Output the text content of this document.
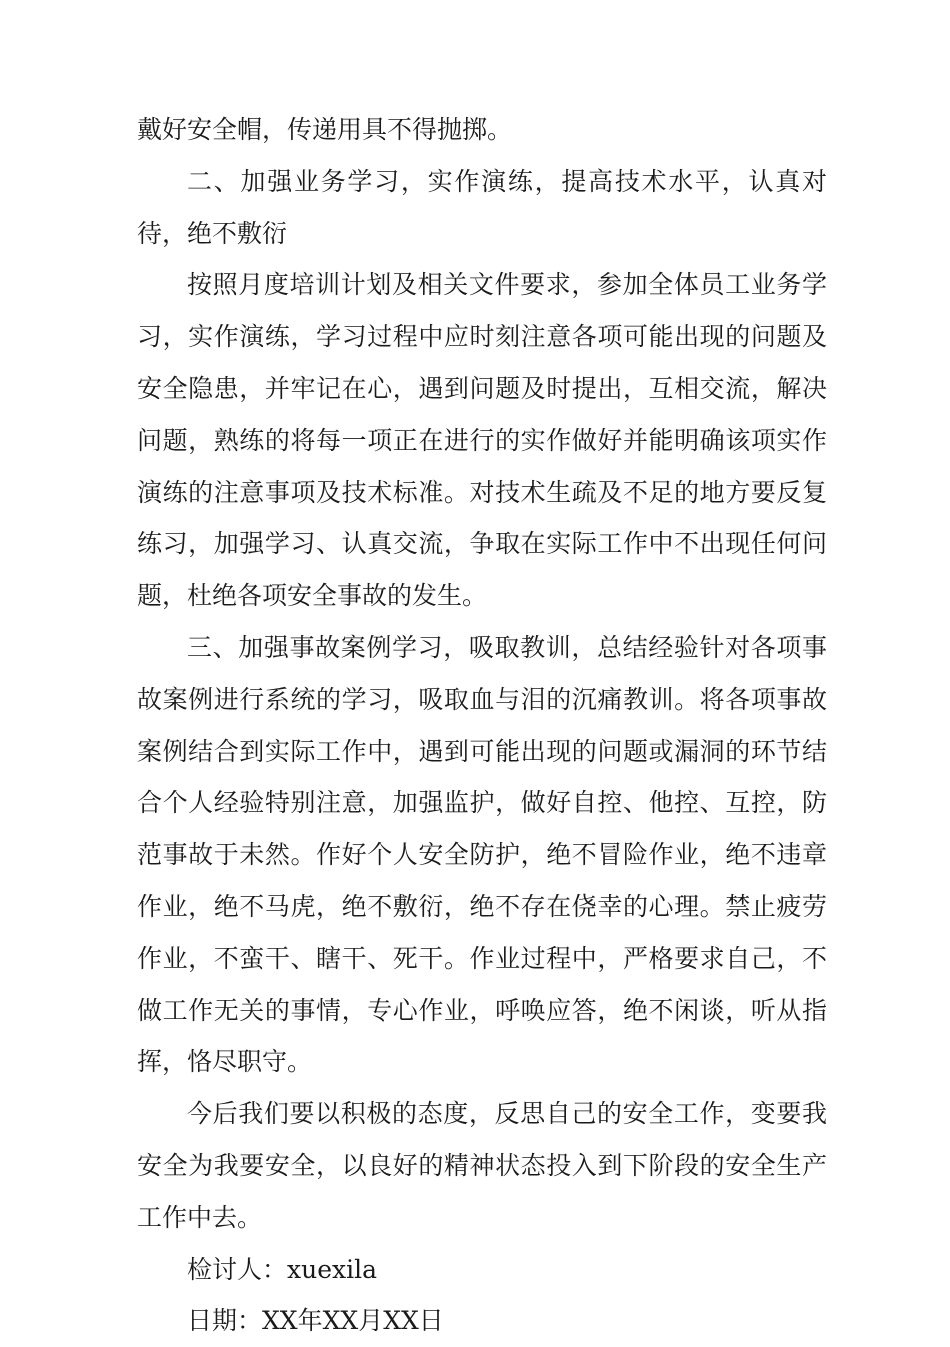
戴好安全帽，传递用具不得抛掷。

二、加强业务学习，实作演练，提高技术水平，认真对待，绝不敷衍

按照月度培训计划及相关文件要求，参加全体员工业务学习，实作演练，学习过程中应时刻注意各项可能出现的问题及安全隐患，并牢记在心，遇到问题及时提出，互相交流，解决问题，熟练的将每一项正在进行的实作做好并能明确该项实作演练的注意事项及技术标准。对技术生疏及不足的地方要反复练习，加强学习、认真交流，争取在实际工作中不出现任何问题，杜绝各项安全事故的发生。

三、加强事故案例学习，吸取教训，总结经验针对各项事故案例进行系统的学习，吸取血与泪的沉痛教训。将各项事故案例结合到实际工作中，遇到可能出现的问题或漏洞的环节结合个人经验特别注意，加强监护，做好自控、他控、互控，防范事故于未然。作好个人安全防护，绝不冒险作业，绝不违章作业，绝不马虎，绝不敷衍，绝不存在侥幸的心理。禁止疲劳作业，不蛮干、瞎干、死干。作业过程中，严格要求自己，不做工作无关的事情，专心作业，呼唤应答，绝不闲谈，听从指挥，恪尽职守。

今后我们要以积极的态度，反思自己的安全工作，变要我安全为我要安全，以良好的精神状态投入到下阶段的安全生产工作中去。

检讨人：xuexila

日期：XX年XX月XX日
